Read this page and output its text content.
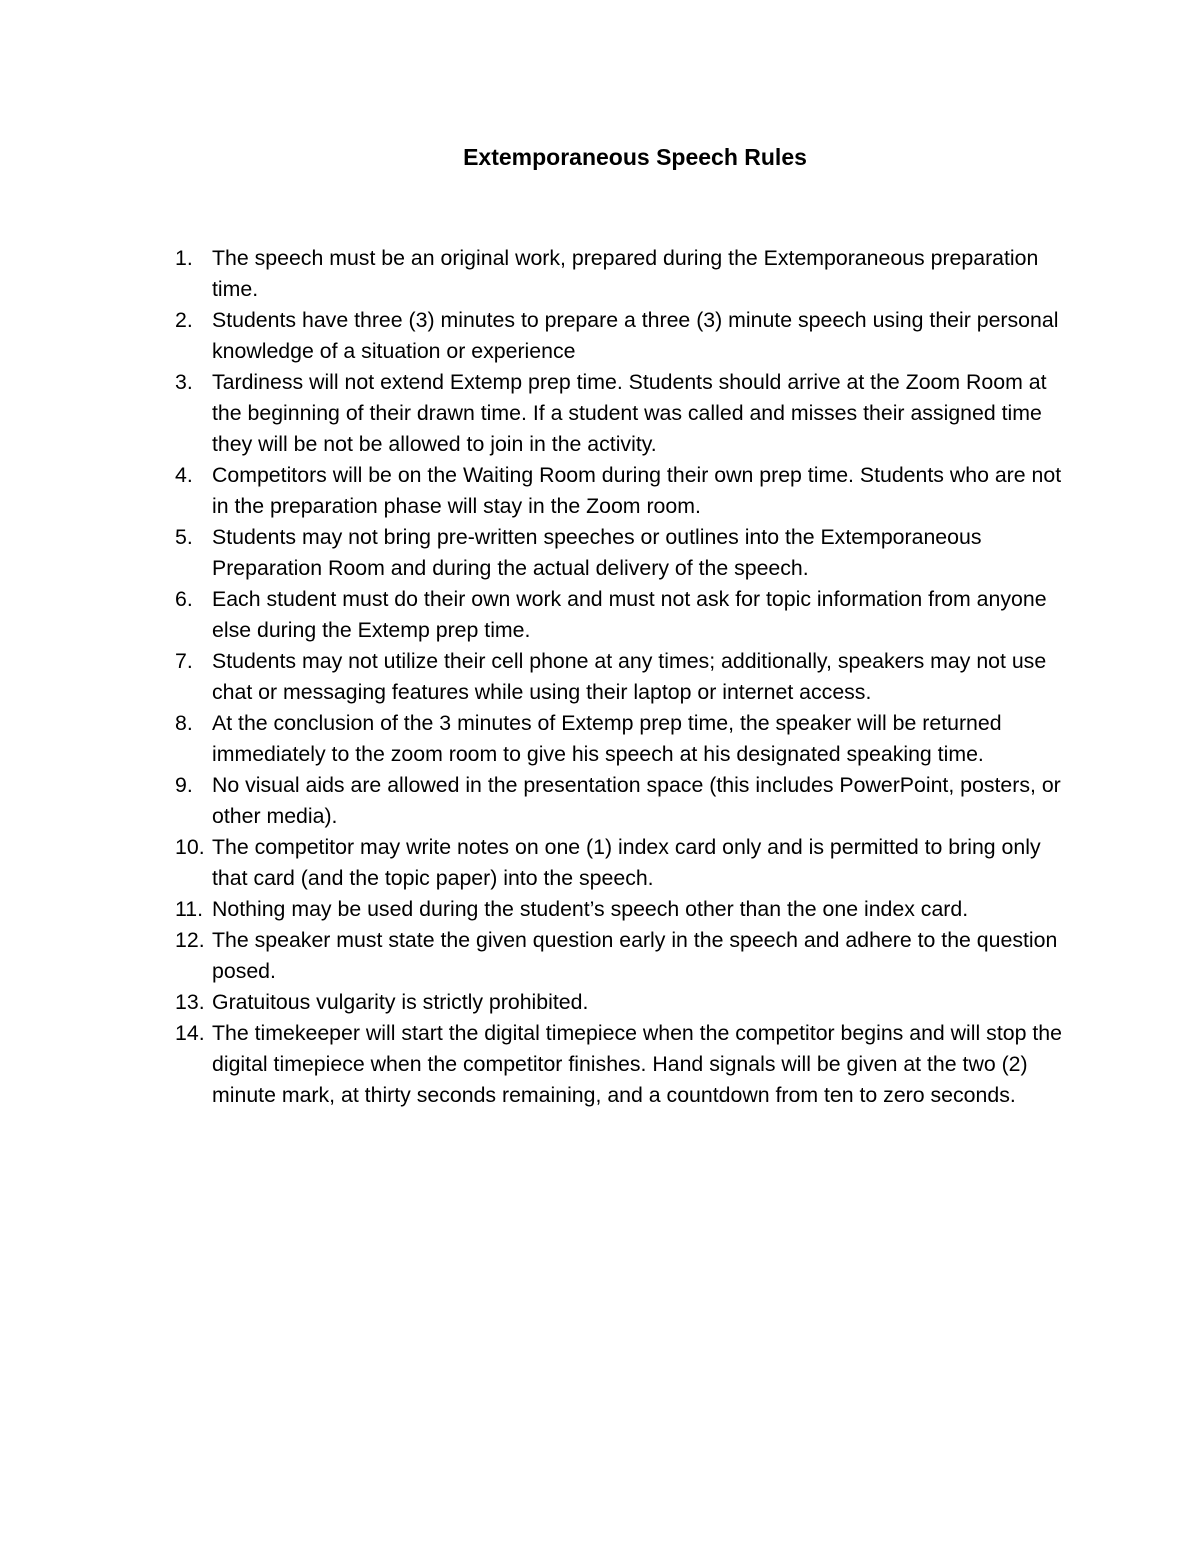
Extemporaneous Speech Rules
1. The speech must be an original work, prepared during the Extemporaneous preparation time.
2. Students have three (3) minutes to prepare a three (3) minute speech using their personal knowledge of a situation or experience
3. Tardiness will not extend Extemp prep time. Students should arrive at the Zoom Room at the beginning of their drawn time. If a student was called and misses their assigned time they will be not be allowed to join in the activity.
4. Competitors will be on the Waiting Room during their own prep time. Students who are not in the preparation phase will stay in the Zoom room.
5. Students may not bring pre-written speeches or outlines into the Extemporaneous Preparation Room and during the actual delivery of the speech.
6. Each student must do their own work and must not ask for topic information from anyone else during the Extemp prep time.
7. Students may not utilize their cell phone at any times; additionally, speakers may not use chat or messaging features while using their laptop or internet access.
8. At the conclusion of the 3 minutes of Extemp prep time, the speaker will be returned immediately to the zoom room to give his speech at his designated speaking time.
9. No visual aids are allowed in the presentation space (this includes PowerPoint, posters, or other media).
10. The competitor may write notes on one (1) index card only and is permitted to bring only that card (and the topic paper) into the speech.
11. Nothing may be used during the student’s speech other than the one index card.
12. The speaker must state the given question early in the speech and adhere to the question posed.
13. Gratuitous vulgarity is strictly prohibited.
14. The timekeeper will start the digital timepiece when the competitor begins and will stop the digital timepiece when the competitor finishes. Hand signals will be given at the two (2) minute mark, at thirty seconds remaining, and a countdown from ten to zero seconds.
